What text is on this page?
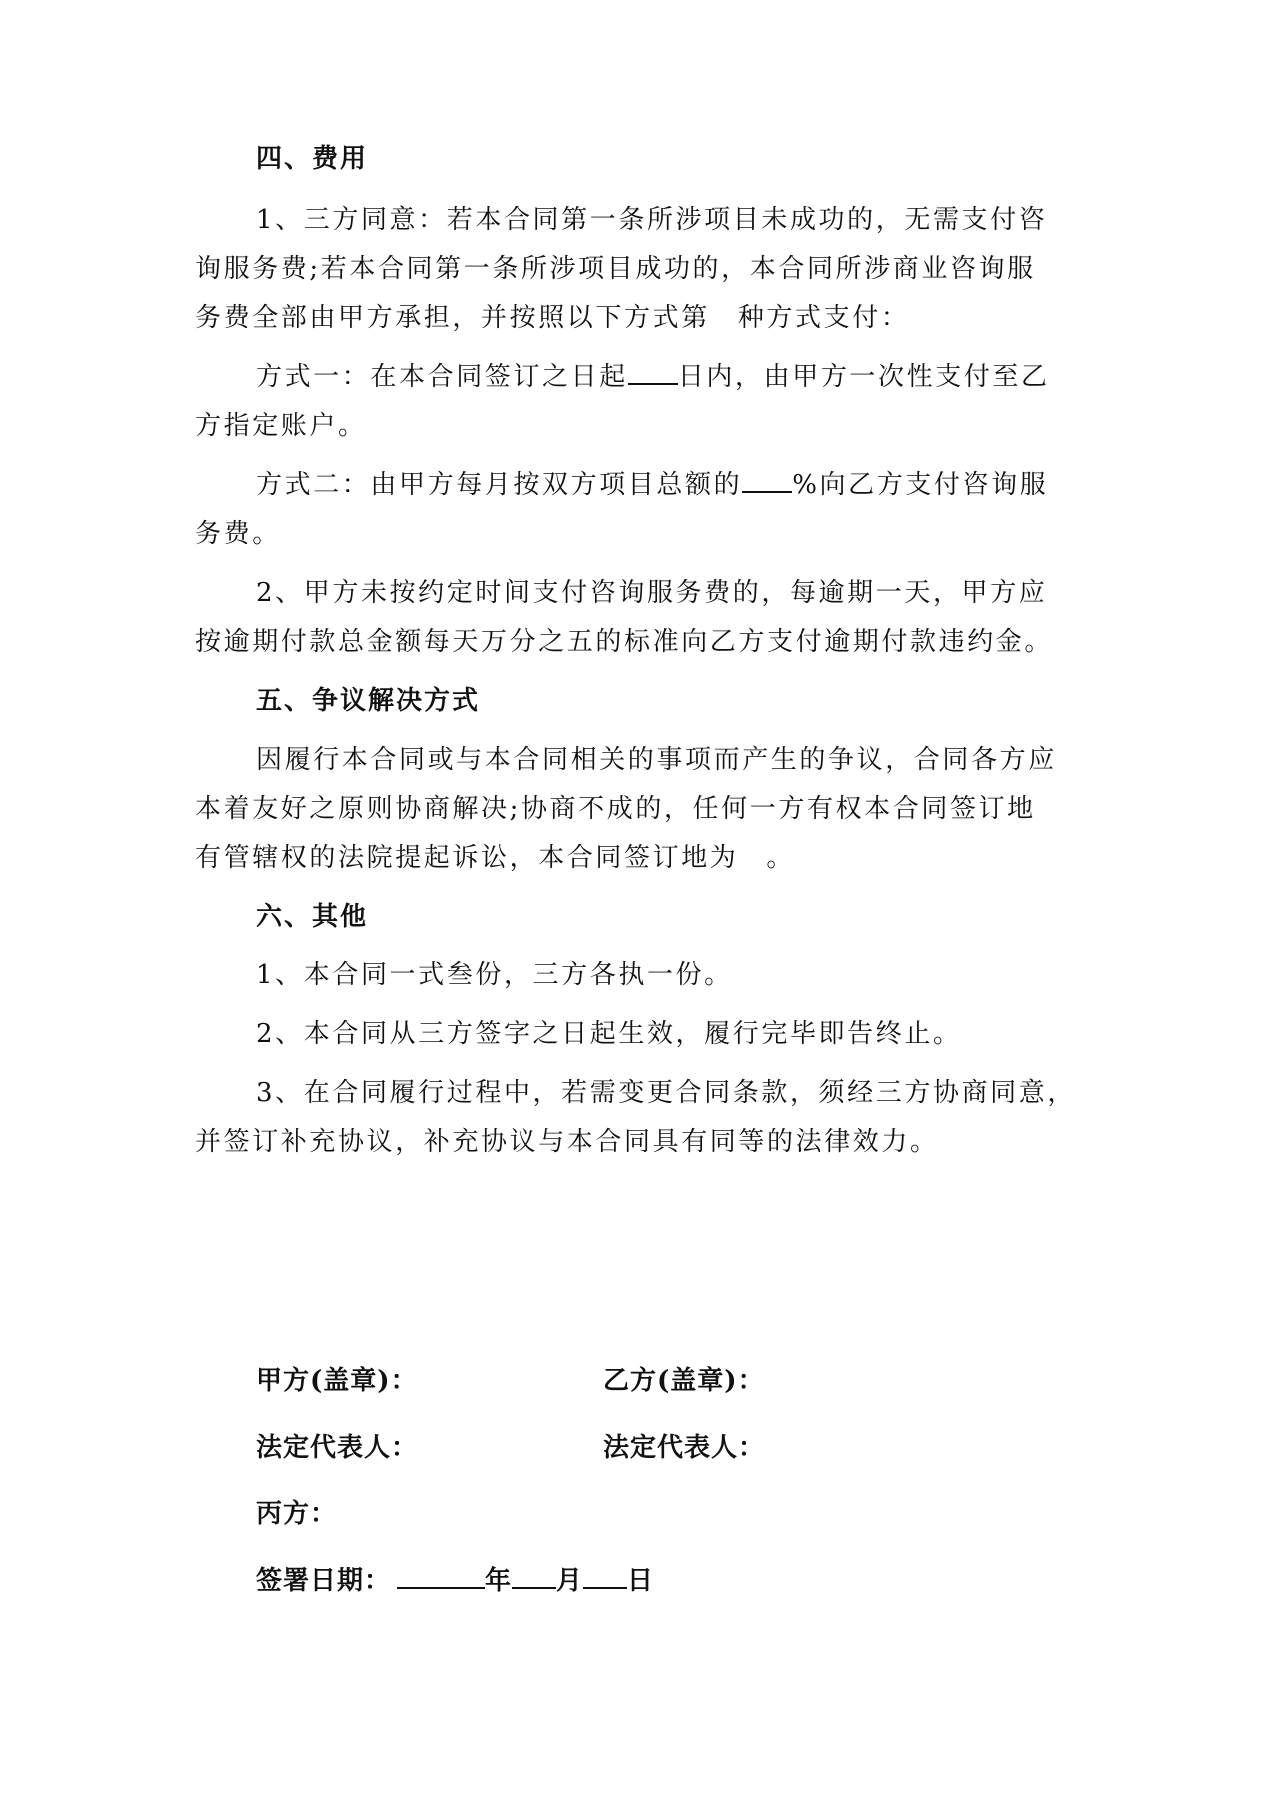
四、费用
1、三方同意：若本合同第一条所涉项目未成功的，无需支付咨
询服务费;若本合同第一条所涉项目成功的，本合同所涉商业咨询服
务费全部由甲方承担，并按照以下方式第 种方式支付：
方式一：在本合同签订之日起 日内，由甲方一次性支付至乙
方指定账户。
方式二：由甲方每月按双方项目总额的 %向乙方支付咨询服
务费。
2、甲方未按约定时间支付咨询服务费的，每逾期一天，甲方应
按逾期付款总金额每天万分之五的标准向乙方支付逾期付款违约金。
五、争议解决方式
因履行本合同或与本合同相关的事项而产生的争议，合同各方应
本着友好之原则协商解决;协商不成的，任何一方有权本合同签订地
有管辖权的法院提起诉讼，本合同签订地为 。
六、其他
1、本合同一式叁份，三方各执一份。
2、本合同从三方签字之日起生效，履行完毕即告终止。
3、在合同履行过程中，若需变更合同条款，须经三方协商同意，
并签订补充协议，补充协议与本合同具有同等的法律效力。
甲方(盖章)：	乙方(盖章)：
法定代表人：	法定代表人：
丙方：
签署日期：	年 月 日
